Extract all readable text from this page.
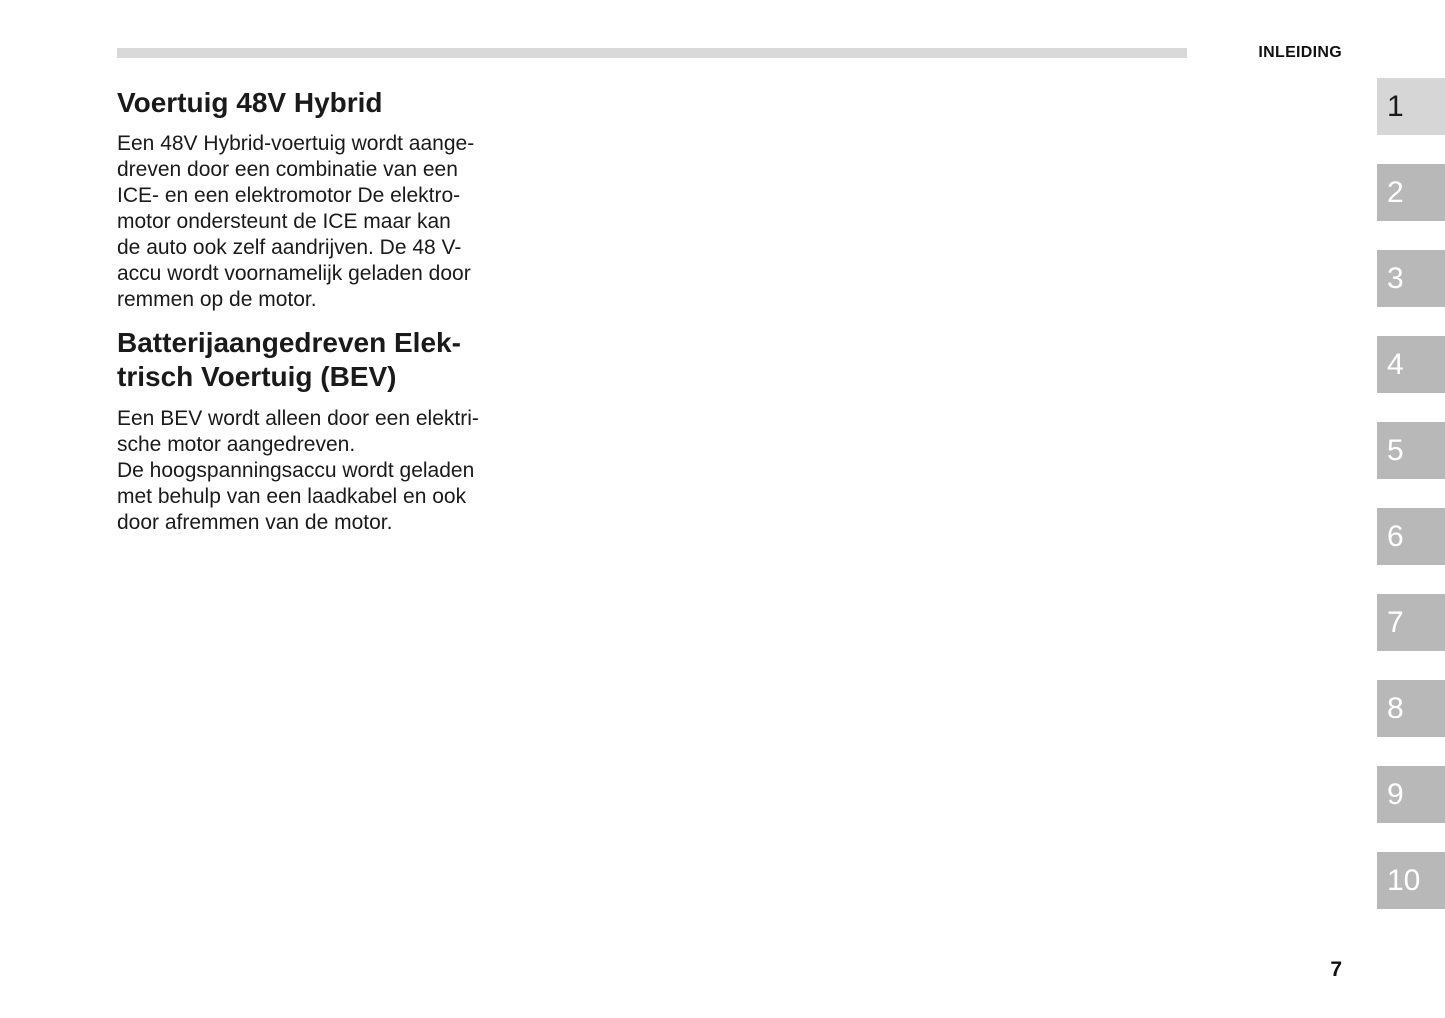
INLEIDING
Voertuig 48V Hybrid

Een 48V Hybrid-voertuig wordt aange-
dreven door een combinatie van een
ICE- en een elektromotor De elektro-
motor ondersteunt de ICE maar kan
de auto ook zelf aandrijven. De 48 V-
accu wordt voornamelijk geladen door
remmen op de motor.

Batterijaangedreven Elek-
trisch Voertuig (BEV)

Een BEV wordt alleen door een elektri-
sche motor aangedreven.
De hoogspanningsaccu wordt geladen
met behulp van een laadkabel en ook
door afremmen van de motor.

1
2
3
4
5
6
7
8
9
10
7
